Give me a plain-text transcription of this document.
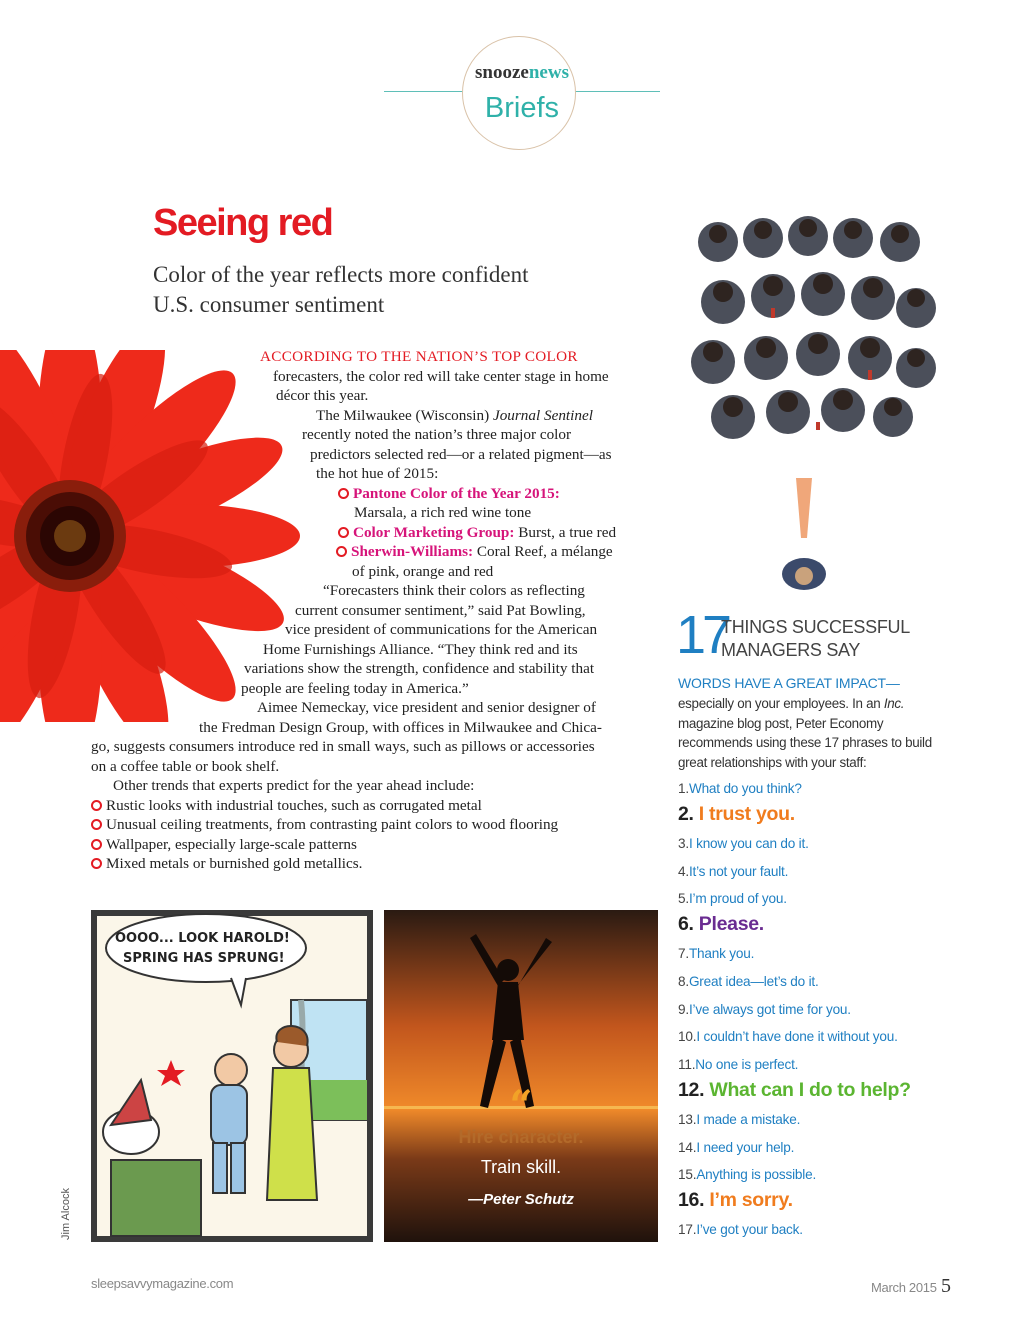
snoozenews
Briefs
Seeing red
Color of the year reflects more confident
U.S. consumer sentiment
ACCORDING TO THE NATION’S TOP COLOR
forecasters, the color red will take center stage in home
décor this year.
The Milwaukee (Wisconsin) Journal Sentinel
recently noted the nation’s three major color
predictors selected red—or a related pigment—as
the hot hue of 2015:
Pantone Color of the Year 2015:
Marsala, a rich red wine tone
Color Marketing Group: Burst, a true red
Sherwin-Williams: Coral Reef, a mélange
of pink, orange and red
“Forecasters think their colors as reflecting
current consumer sentiment,” said Pat Bowling,
vice president of communications for the American
Home Furnishings Alliance. “They think red and its
variations show the strength, confidence and stability that
people are feeling today in America.”
Aimee Nemeckay, vice president and senior designer of
the Fredman Design Group, with offices in Milwaukee and Chica-
go, suggests consumers introduce red in small ways, such as pillows or accessories
on a coffee table or book shelf.
Other trends that experts predict for the year ahead include:
Rustic looks with industrial touches, such as corrugated metal
Unusual ceiling treatments, from contrasting paint colors to wood flooring
Wallpaper, especially large-scale patterns
Mixed metals or burnished gold metallics.
17
THINGS SUCCESSFUL
MANAGERS SAY
WORDS HAVE A GREAT IMPACT—
especially on your employees. In an Inc. magazine blog post, Peter Economy recommends using these 17 phrases to build great relationships with your staff:
1.What do you think?
2. I trust you.
3.I know you can do it.
4.It’s not your fault.
5.I’m proud of you.
6. Please.
7.Thank you.
8.Great idea—let’s do it.
9.I’ve always got time for you.
10.I couldn’t have done it without you.
11.No one is perfect.
12. What can I do to help?
13.I made a mistake.
14.I need your help.
15.Anything is possible.
16. I’m sorry.
17.I’ve got your back.
OOOO... LOOK HAROLD!
SPRING HAS SPRUNG!
Jim Alcock
“
Hire character.
Train skill.
—Peter Schutz
sleepsavvymagazine.com	March 2015 5
